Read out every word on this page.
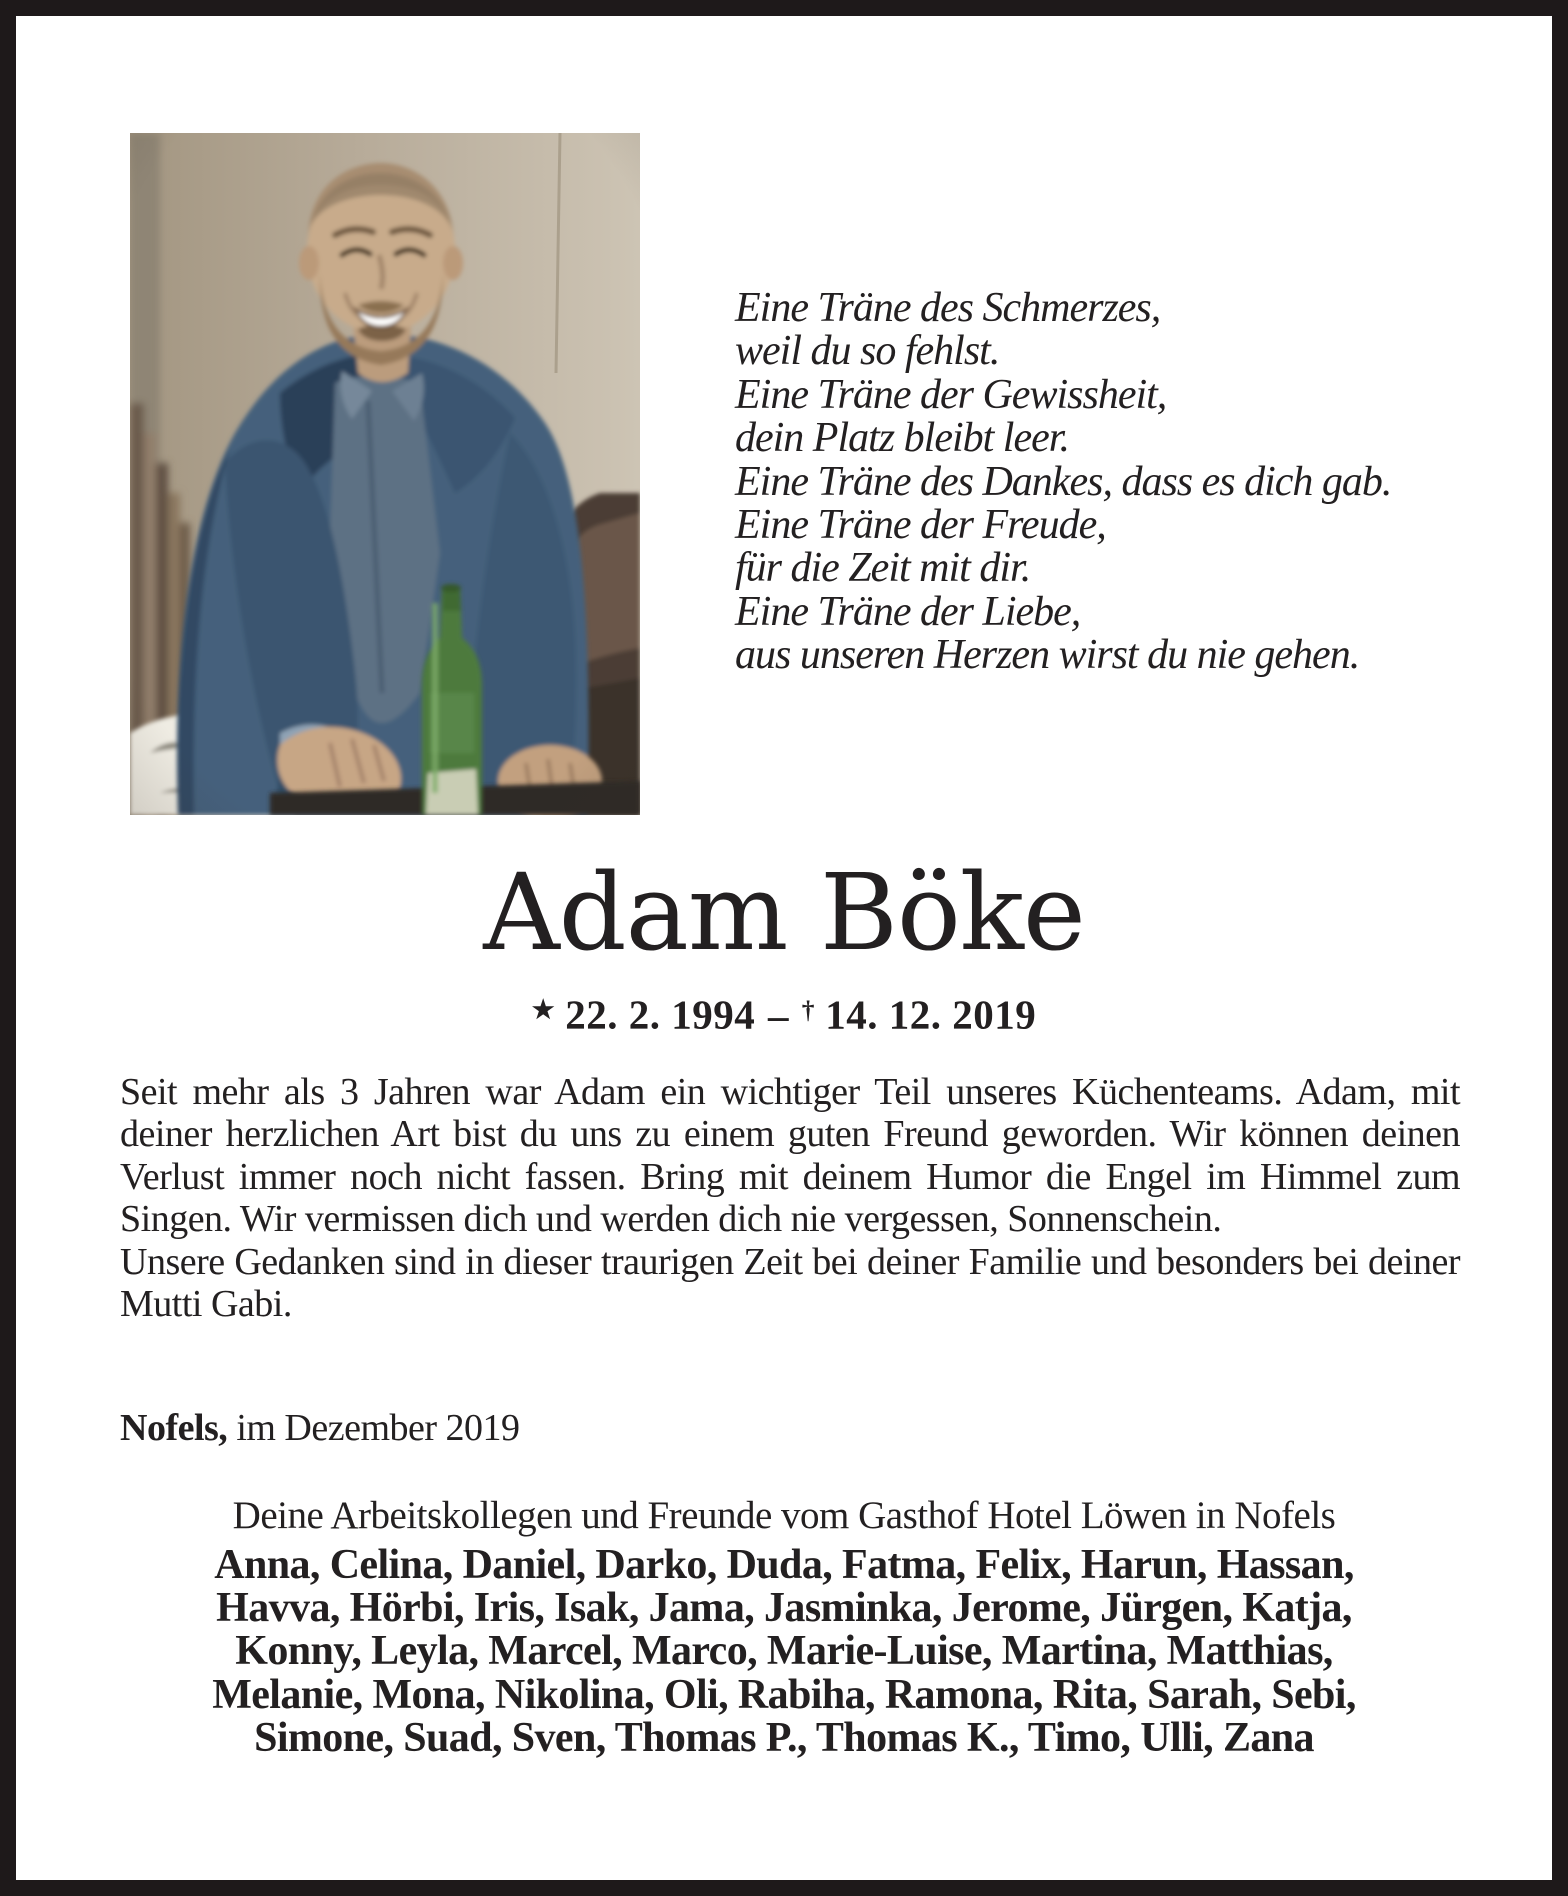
Eine Träne des Schmerzes,
weil du so fehlst.
Eine Träne der Gewissheit,
dein Platz bleibt leer.
Eine Träne des Dankes, dass es dich gab.
Eine Träne der Freude,
für die Zeit mit dir.
Eine Träne der Liebe,
aus unseren Herzen wirst du nie gehen.
Adam Böke
★ 22. 2. 1994 – † 14. 12. 2019

Seit mehr als 3 Jahren war Adam ein wichtiger Teil unseres Küchenteams. Adam, mit deiner herzlichen Art bist du uns zu einem guten Freund geworden. Wir können deinen Verlust immer noch nicht fassen. Bring mit deinem Humor die Engel im Himmel zum Singen. Wir vermissen dich und werden dich nie vergessen, Sonnenschein.

Unsere Gedanken sind in dieser traurigen Zeit bei deiner Familie und besonders bei deiner Mutti Gabi.

Nofels, im Dezember 2019
Deine Arbeitskollegen und Freunde vom Gasthof Hotel Löwen in Nofels
Anna, Celina, Daniel, Darko, Duda, Fatma, Felix, Harun, Hassan,
Havva, Hörbi, Iris, Isak, Jama, Jasminka, Jerome, Jürgen, Katja,
Konny, Leyla, Marcel, Marco, Marie-Luise, Martina, Matthias,
Melanie, Mona, Nikolina, Oli, Rabiha, Ramona, Rita, Sarah, Sebi,
Simone, Suad, Sven, Thomas P., Thomas K., Timo, Ulli, Zana
